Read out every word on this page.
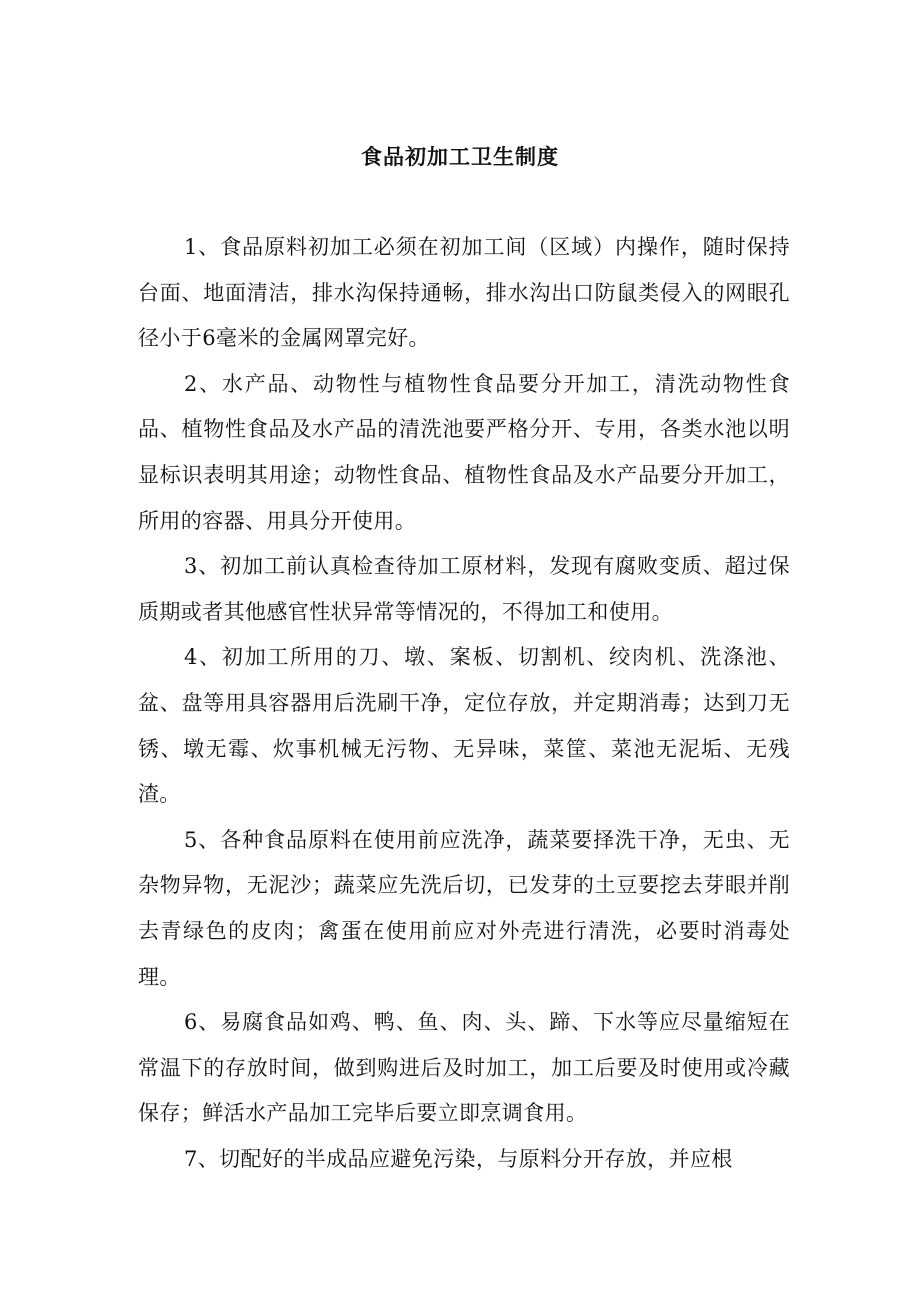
食品初加工卫生制度

1、食品原料初加工必须在初加工间（区域）内操作，随时保持台面、地面清洁，排水沟保持通畅，排水沟出口防鼠类侵入的网眼孔径小于6毫米的金属网罩完好。

2、水产品、动物性与植物性食品要分开加工，清洗动物性食品、植物性食品及水产品的清洗池要严格分开、专用，各类水池以明显标识表明其用途；动物性食品、植物性食品及水产品要分开加工，所用的容器、用具分开使用。

3、初加工前认真检查待加工原材料，发现有腐败变质、超过保质期或者其他感官性状异常等情况的，不得加工和使用。

4、初加工所用的刀、墩、案板、切割机、绞肉机、洗涤池、盆、盘等用具容器用后洗刷干净，定位存放，并定期消毒；达到刀无锈、墩无霉、炊事机械无污物、无异味，菜筐、菜池无泥垢、无残渣。

5、各种食品原料在使用前应洗净，蔬菜要择洗干净，无虫、无杂物异物，无泥沙；蔬菜应先洗后切，已发芽的土豆要挖去芽眼并削去青绿色的皮肉；禽蛋在使用前应对外壳进行清洗，必要时消毒处理。

6、易腐食品如鸡、鸭、鱼、肉、头、蹄、下水等应尽量缩短在常温下的存放时间，做到购进后及时加工，加工后要及时使用或冷藏保存；鲜活水产品加工完毕后要立即烹调食用。

7、切配好的半成品应避免污染，与原料分开存放，并应根
